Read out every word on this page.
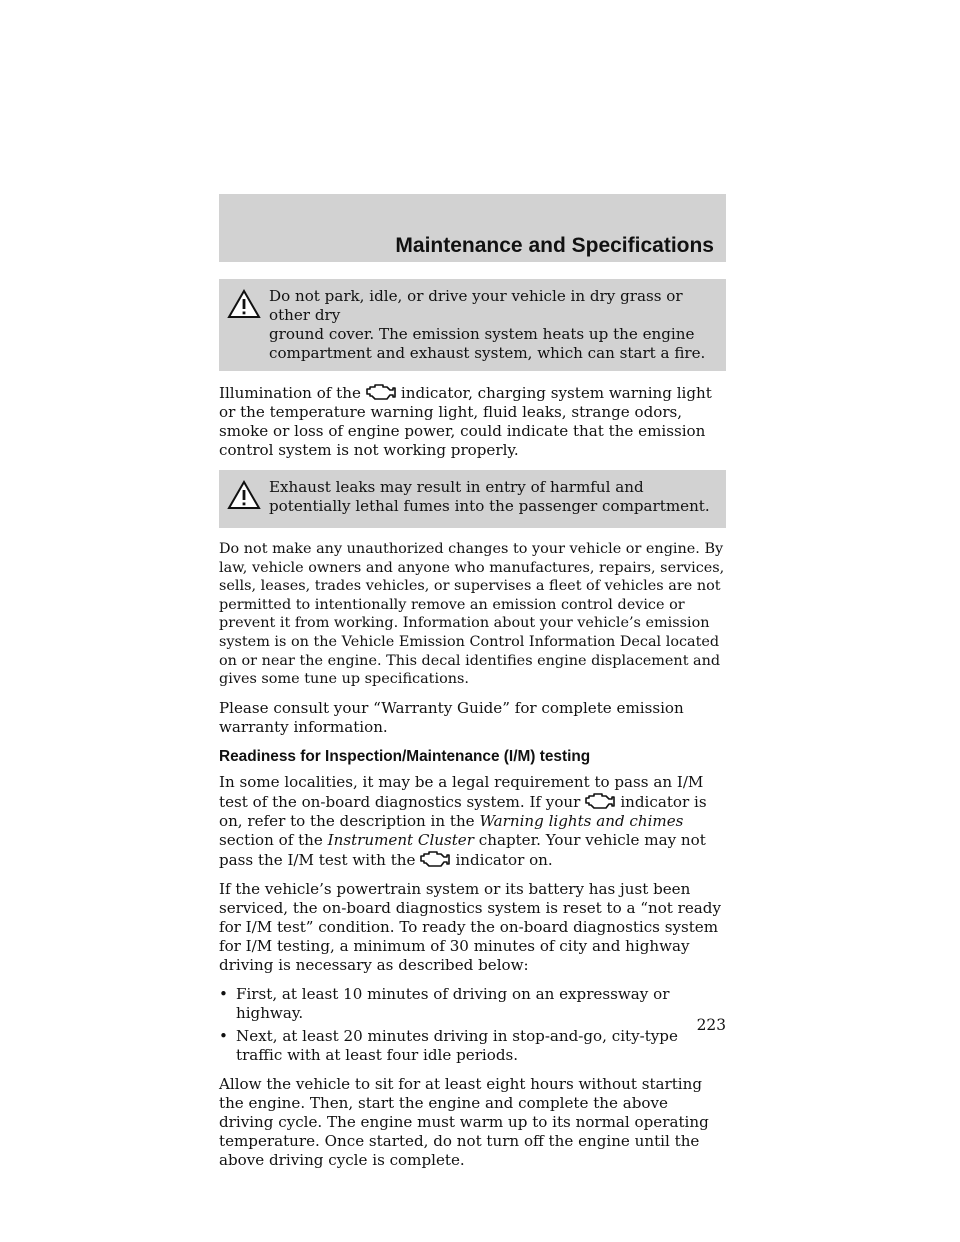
Maintenance and Specifications
Do not park, idle, or drive your vehicle in dry grass or other dry
ground cover. The emission system heats up the engine compartment and exhaust system, which can start a fire.

Illumination of the	indicator, charging system warning light or the temperature warning light, fluid leaks, strange odors, smoke or loss of engine power, could indicate that the emission control system is not working properly.

Exhaust leaks may result in entry of harmful and potentially lethal fumes into the passenger compartment.

Do not make any unauthorized changes to your vehicle or engine. By law, vehicle owners and anyone who manufactures, repairs, services, sells, leases, trades vehicles, or supervises a fleet of vehicles are not permitted to intentionally remove an emission control device or prevent it from working. Information about your vehicle’s emission system is on the Vehicle Emission Control Information Decal located on or near the engine. This decal identifies engine displacement and gives some tune up specifications.

Please consult your “Warranty Guide” for complete emission warranty information.

Readiness for Inspection/Maintenance (I/M) testing

In some localities, it may be a legal requirement to pass an I/M test of the on-board diagnostics system. If your	indicator is on, refer to the description in the Warning lights and chimes section of the Instrument Cluster chapter. Your vehicle may not pass the I/M test with the	indicator on.

If the vehicle’s powertrain system or its battery has just been serviced, the on-board diagnostics system is reset to a “not ready for I/M test” condition. To ready the on-board diagnostics system for I/M testing, a minimum of 30 minutes of city and highway driving is necessary as described below:

• First, at least 10 minutes of driving on an expressway or highway.
• Next, at least 20 minutes driving in stop-and-go, city-type traffic with at least four idle periods.

Allow the vehicle to sit for at least eight hours without starting the engine. Then, start the engine and complete the above driving cycle. The engine must warm up to its normal operating temperature. Once started, do not turn off the engine until the above driving cycle is complete.

223
